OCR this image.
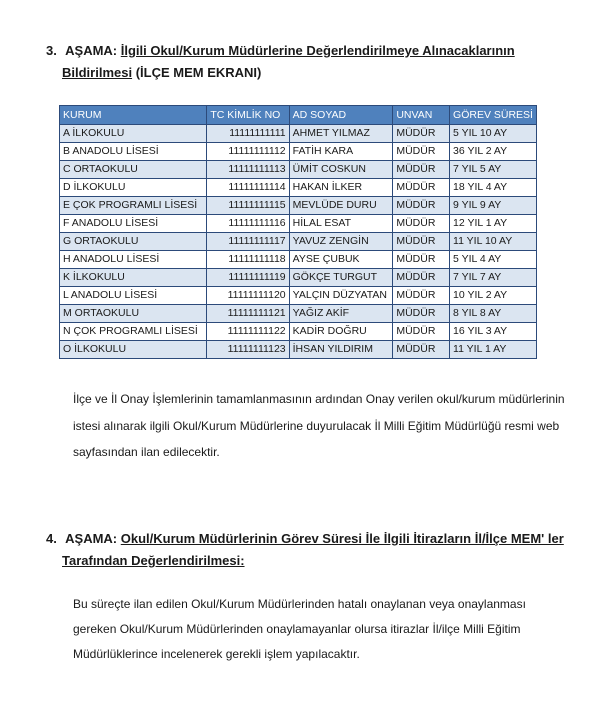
3. AŞAMA: İlgili Okul/Kurum Müdürlerine Değerlendirilmeye Alınacaklarının Bildirilmesi (İLÇE MEM EKRANI)
KURUM	TC KİMLİK NO	AD SOYAD	UNVAN	GÖREV SÜRESİ
A İLKOKULU	11111111111	AHMET YILMAZ	MÜDÜR	5 YIL 10 AY
B ANADOLU LİSESİ	11111111112	FATİH KARA	MÜDÜR	36 YIL 2 AY
C ORTAOKULU	11111111113	ÜMİT COSKUN	MÜDÜR	7 YIL 5 AY
D İLKOKULU	11111111114	HAKAN İLKER	MÜDÜR	18 YIL 4 AY
E ÇOK PROGRAMLI LİSESİ	11111111115	MEVLÜDE DURU	MÜDÜR	9 YIL 9 AY
F ANADOLU LİSESİ	11111111116	HİLAL ESAT	MÜDÜR	12 YIL 1 AY
G ORTAOKULU	11111111117	YAVUZ ZENGİN	MÜDÜR	11 YIL 10 AY
H ANADOLU LİSESİ	11111111118	AYSE ÇUBUK	MÜDÜR	5 YIL 4 AY
K İLKOKULU	11111111119	GÖKÇE TURGUT	MÜDÜR	7 YIL 7 AY
L ANADOLU LİSESİ	11111111120	YALÇIN DÜZYATAN	MÜDÜR	10 YIL 2 AY
M ORTAOKULU	11111111121	YAĞIZ AKİF	MÜDÜR	8 YIL 8 AY
N ÇOK PROGRAMLI LİSESİ	11111111122	KADİR DOĞRU	MÜDÜR	16 YIL 3 AY
O İLKOKULU	11111111123	İHSAN YILDIRIM	MÜDÜR	11 YIL 1 AY
İlçe ve İl Onay İşlemlerinin tamamlanmasının ardından Onay verilen okul/kurum müdürlerinin istesi alınarak ilgili Okul/Kurum Müdürlerine duyurulacak İl Milli Eğitim Müdürlüğü resmi web sayfasından ilan edilecektir.
4. AŞAMA: Okul/Kurum Müdürlerinin Görev Süresi İle İlgili İtirazların İl/İlçe MEM' ler Tarafından Değerlendirilmesi:
Bu süreçte ilan edilen Okul/Kurum Müdürlerinden hatalı onaylanan veya onaylanması gereken Okul/Kurum Müdürlerinden onaylamayanlar olursa itirazlar İl/ilçe Milli Eğitim Müdürlüklerince incelenerek gerekli işlem yapılacaktır.
